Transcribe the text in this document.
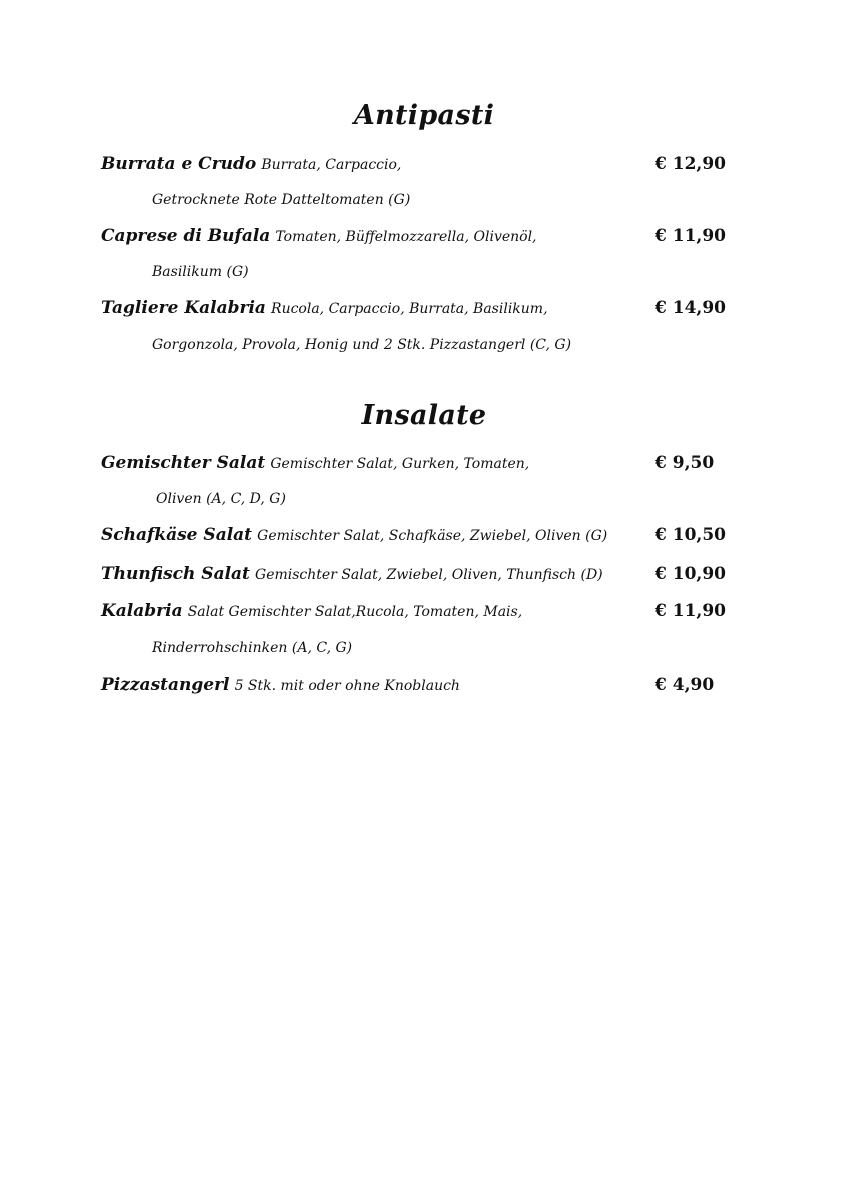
Antipasti
Burrata e Crudo Burrata, Carpaccio,	€ 12,90
Getrocknete Rote Datteltomaten (G)
Caprese di Bufala Tomaten, Büffelmozzarella, Olivenöl,	€ 11,90
Basilikum (G)
Tagliere Kalabria Rucola, Carpaccio, Burrata, Basilikum,	€ 14,90
Gorgonzola, Provola, Honig und 2 Stk. Pizzastangerl (C, G)
Insalate
Gemischter Salat Gemischter Salat, Gurken, Tomaten,	€ 9,50
Oliven (A, C, D, G)
Schafkäse Salat Gemischter Salat, Schafkäse, Zwiebel, Oliven (G)	€ 10,50
Thunfisch Salat Gemischter Salat, Zwiebel, Oliven, Thunfisch (D)	€ 10,90
Kalabria Salat Gemischter Salat,Rucola, Tomaten, Mais,	€ 11,90
Rinderrohschinken (A, C, G)
Pizzastangerl 5 Stk. mit oder ohne Knoblauch	€ 4,90
